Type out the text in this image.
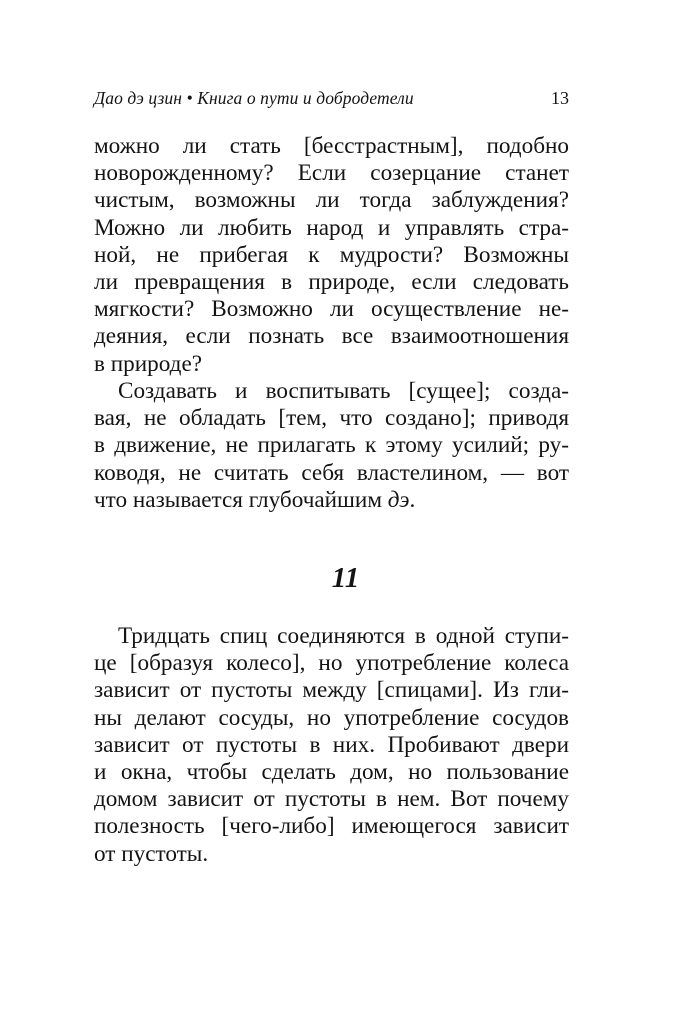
Дао дэ цзин • Книга о пути и добродетели	13
можно ли стать [бесстрастным], подобно
новорожденному? Если созерцание станет
чистым, возможны ли тогда заблуждения?
Можно ли любить народ и управлять стра-
ной, не прибегая к мудрости? Возможны
ли превращения в природе, если следовать
мягкости? Возможно ли осуществление не-
деяния, если познать все взаимоотношения
в природе?
Создавать и воспитывать [сущее]; созда-
вая, не обладать [тем, что создано]; приводя
в движение, не прилагать к этому усилий; ру-
ководя, не считать себя властелином, — вот
что называется глубочайшим дэ.
11
Тридцать спиц соединяются в одной ступи-
це [образуя колесо], но употребление колеса
зависит от пустоты между [спицами]. Из гли-
ны делают сосуды, но употребление сосудов
зависит от пустоты в них. Пробивают двери
и окна, чтобы сделать дом, но пользование
домом зависит от пустоты в нем. Вот почему
полезность [чего-либо] имеющегося зависит
от пустоты.
